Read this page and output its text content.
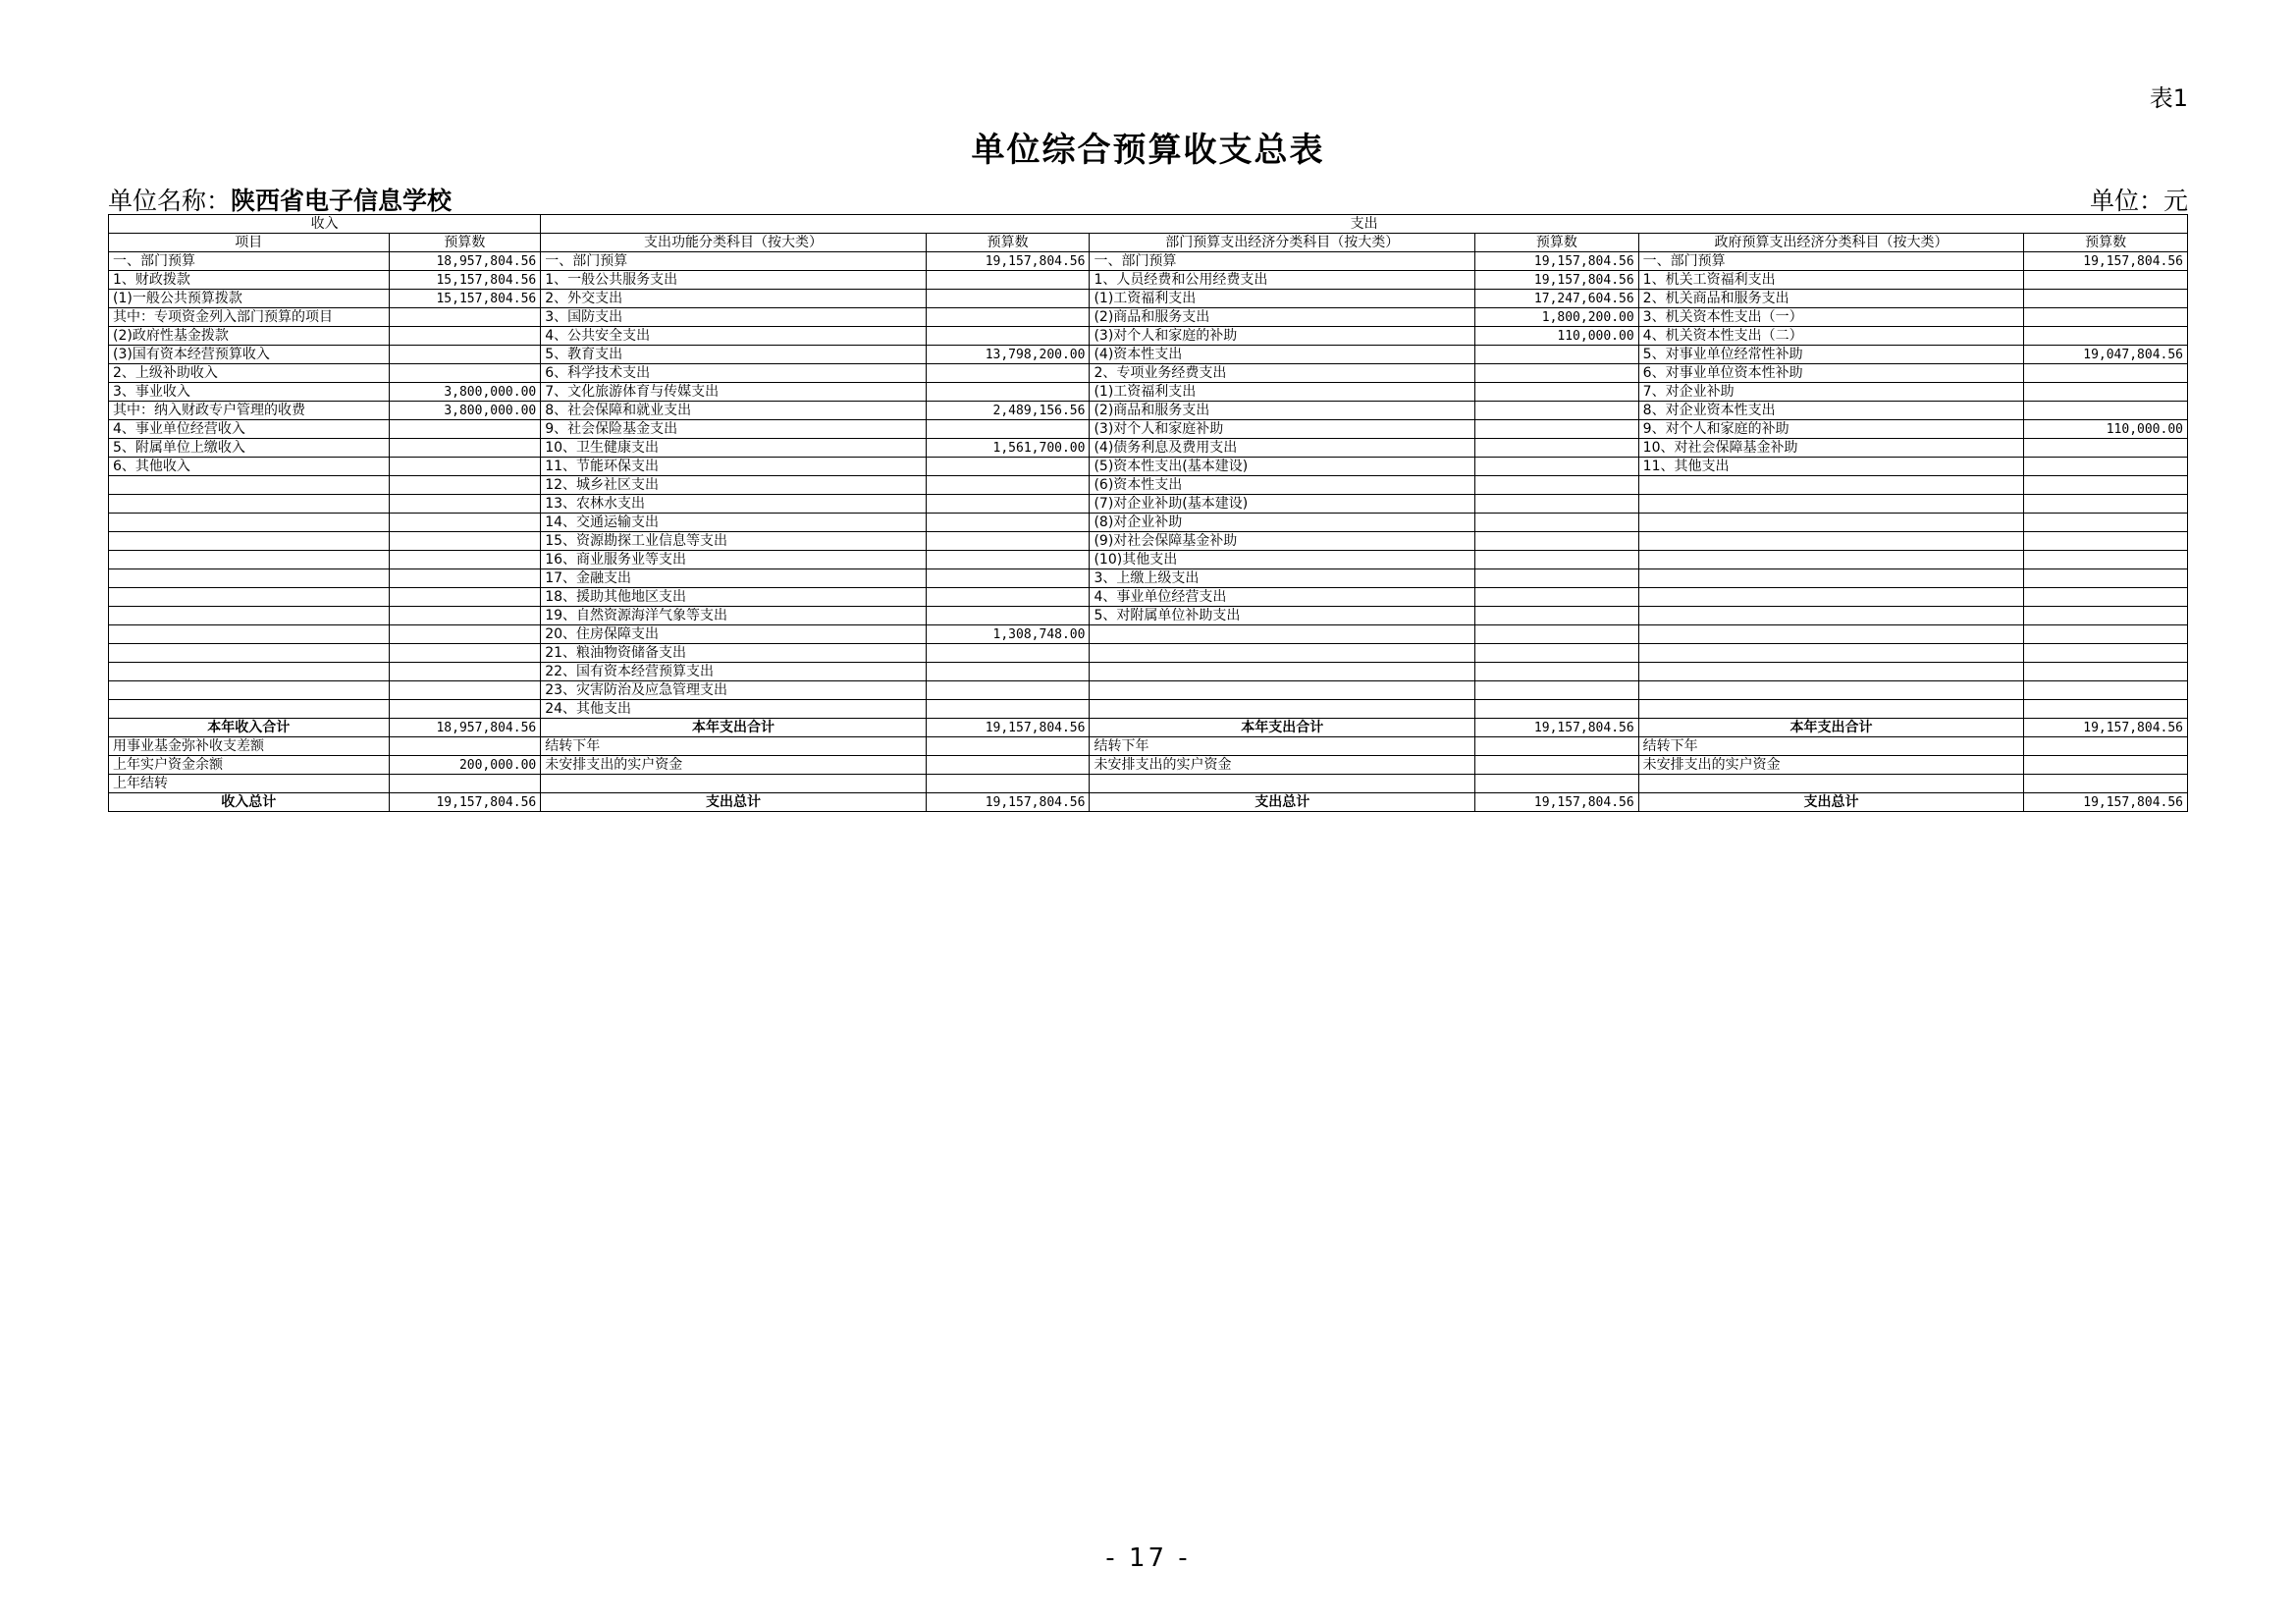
表1
单位综合预算收支总表
单位名称：陕西省电子信息学校	单位：元
收入		支出					
项目	预算数	支出功能分类科目（按大类）	预算数	部门预算支出经济分类科目（按大类）	预算数	政府预算支出经济分类科目（按大类）	预算数
一、部门预算	18,957,804.56	一、部门预算	19,157,804.56	一、部门预算	19,157,804.56	一、部门预算	19,157,804.56
1、财政拨款	15,157,804.56	1、一般公共服务支出		1、人员经费和公用经费支出	19,157,804.56	1、机关工资福利支出	
(1)一般公共预算拨款	15,157,804.56	2、外交支出		(1)工资福利支出	17,247,604.56	2、机关商品和服务支出	
其中：专项资金列入部门预算的项目		3、国防支出		(2)商品和服务支出	1,800,200.00	3、机关资本性支出（一）	
(2)政府性基金拨款		4、公共安全支出		(3)对个人和家庭的补助	110,000.00	4、机关资本性支出（二）	
(3)国有资本经营预算收入		5、教育支出	13,798,200.00	(4)资本性支出		5、对事业单位经常性补助	19,047,804.56
2、上级补助收入		6、科学技术支出		2、专项业务经费支出		6、对事业单位资本性补助	
3、事业收入	3,800,000.00	7、文化旅游体育与传媒支出		(1)工资福利支出		7、对企业补助	
其中：纳入财政专户管理的收费	3,800,000.00	8、社会保障和就业支出	2,489,156.56	(2)商品和服务支出		8、对企业资本性支出	
4、事业单位经营收入		9、社会保险基金支出		(3)对个人和家庭补助		9、对个人和家庭的补助	110,000.00
5、附属单位上缴收入		10、卫生健康支出	1,561,700.00	(4)债务利息及费用支出		10、对社会保障基金补助	
6、其他收入		11、节能环保支出		(5)资本性支出(基本建设)		11、其他支出	
		12、城乡社区支出		(6)资本性支出			
		13、农林水支出		(7)对企业补助(基本建设)			
		14、交通运输支出		(8)对企业补助			
		15、资源勘探工业信息等支出		(9)对社会保障基金补助			
		16、商业服务业等支出		(10)其他支出			
		17、金融支出		3、上缴上级支出			
		18、援助其他地区支出		4、事业单位经营支出			
		19、自然资源海洋气象等支出		5、对附属单位补助支出			
		20、住房保障支出	1,308,748.00				
		21、粮油物资储备支出					
		22、国有资本经营预算支出					
		23、灾害防治及应急管理支出					
		24、其他支出					
本年收入合计	18,957,804.56	本年支出合计	19,157,804.56	本年支出合计	19,157,804.56	本年支出合计	19,157,804.56
用事业基金弥补收支差额		结转下年		结转下年		结转下年	
上年实户资金余额	200,000.00	未安排支出的实户资金		未安排支出的实户资金		未安排支出的实户资金	
上年结转							
收入总计	19,157,804.56	支出总计	19,157,804.56	支出总计	19,157,804.56	支出总计	19,157,804.56
- 17 -
